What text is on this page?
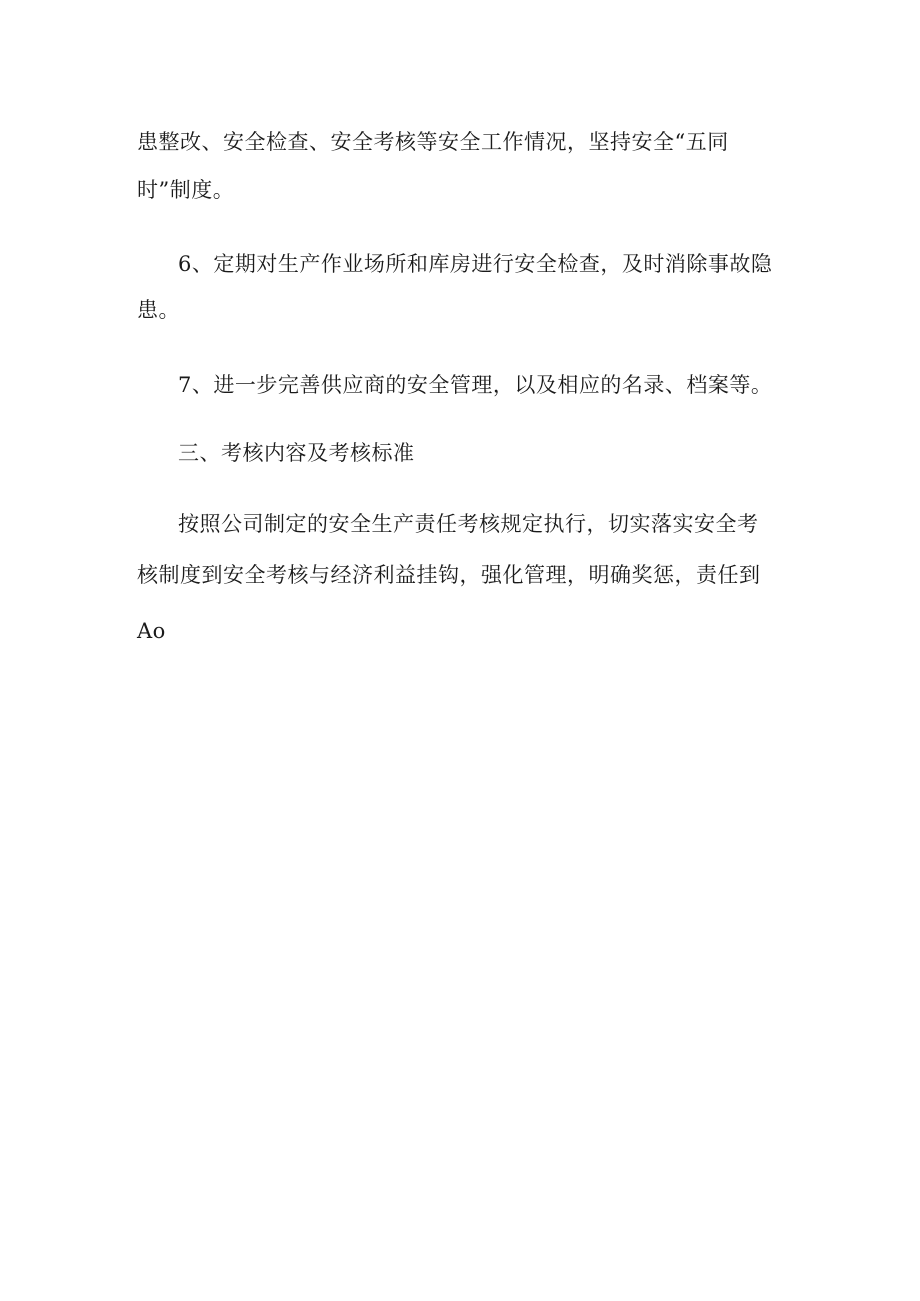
患整改、安全检查、安全考核等安全工作情况，坚持安全“五同
时”制度。
6、定期对生产作业场所和库房进行安全检查，及时消除事故隐
患。
7、进一步完善供应商的安全管理，以及相应的名录、档案等。
三、考核内容及考核标准
按照公司制定的安全生产责任考核规定执行，切实落实安全考
核制度到安全考核与经济利益挂钩，强化管理，明确奖惩，责任到
Ao
